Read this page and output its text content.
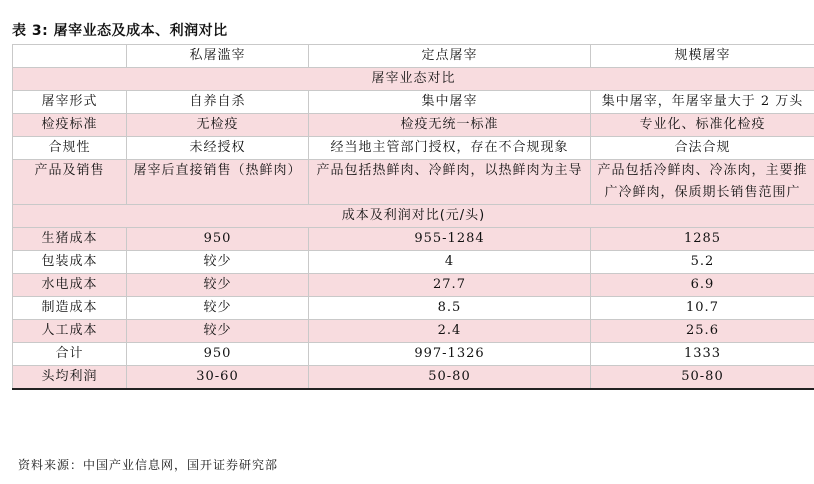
表 3: 屠宰业态及成本、利润对比
	私屠滥宰	定点屠宰	规模屠宰
屠宰业态对比			
屠宰形式	自养自杀	集中屠宰	集中屠宰，年屠宰量大于 2 万头
检疫标准	无检疫	检疫无统一标准	专业化、标准化检疫
合规性	未经授权	经当地主管部门授权，存在不合规现象	合法合规
产品及销售	屠宰后直接销售（热鲜肉）	产品包括热鲜肉、冷鲜肉，以热鲜肉为主导	产品包括冷鲜肉、冷冻肉，主要推广冷鲜肉，保质期长销售范围广
成本及利润对比(元/头)			
生猪成本	950	955-1284	1285
包装成本	较少	4	5.2
水电成本	较少	27.7	6.9
制造成本	较少	8.5	10.7
人工成本	较少	2.4	25.6
合计	950	997-1326	1333
头均利润	30-60	50-80	50-80
资料来源：中国产业信息网，国开证券研究部
